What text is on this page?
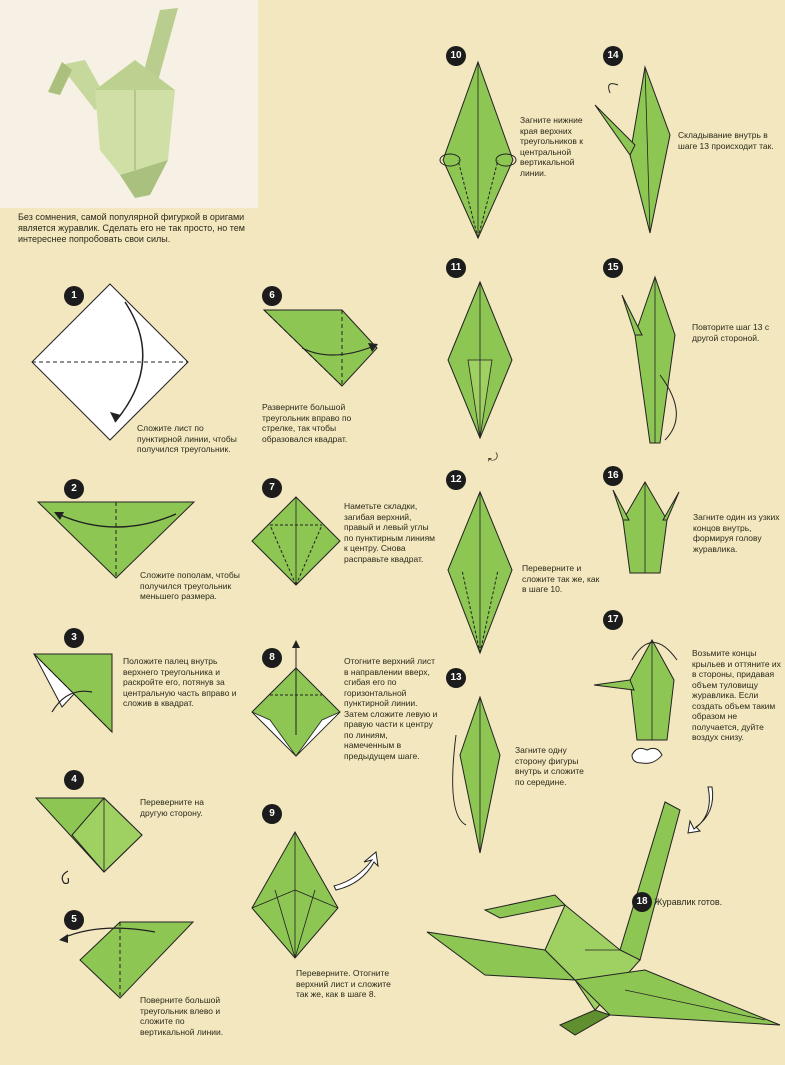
Без сомнения, самой популярной фигуркой в оригами является журавлик. Сделать его не так просто, но тем интереснее попробовать свои силы.
1
Сложите лист по пунктирной линии, чтобы получился треугольник.
2
Сложите пополам, чтобы получился треугольник меньшего размера.
3
Положите палец внутрь верхнего треугольника и раскройте его, потянув за центральную часть вправо и сложив в квадрат.
4
Переверните на другую сторону.
5
Поверните большой треугольник влево и сложите по вертикальной линии.
6
Разверните большой треугольник вправо по стрелке, так чтобы образовался квадрат.
7
Наметьте складки, загибая верхний, правый и левый углы по пунктирным линиям к центру. Снова расправьте квадрат.
8	Отогните верхний лист в направлении вверх, сгибая его по горизонтальной пунктирной линии. Затем сложите левую и правую части к центру по линиям, намеченным в предыдущем шаге.
9
Переверните. Отогните верхний лист и сложите так же, как в шаге 8.
10
Загните нижние края верхних треугольников к центральной вертикальной линии.
11
⤾
12
Переверните и сложите так же, как в шаге 10.
13
Загните одну сторону фигуры внутрь и сложите по середине.
14
Складывание внутрь в шаге 13 происходит так.
15
Повторите шаг 13 с другой стороной.
16
Загните один из узких концов внутрь, формируя голову журавлика.
17
Возьмите концы крыльев и оттяните их в стороны, придавая объем туловищу журавлика. Если создать объем таким образом не получается, дуйте воздух снизу.
18 Журавлик готов.
